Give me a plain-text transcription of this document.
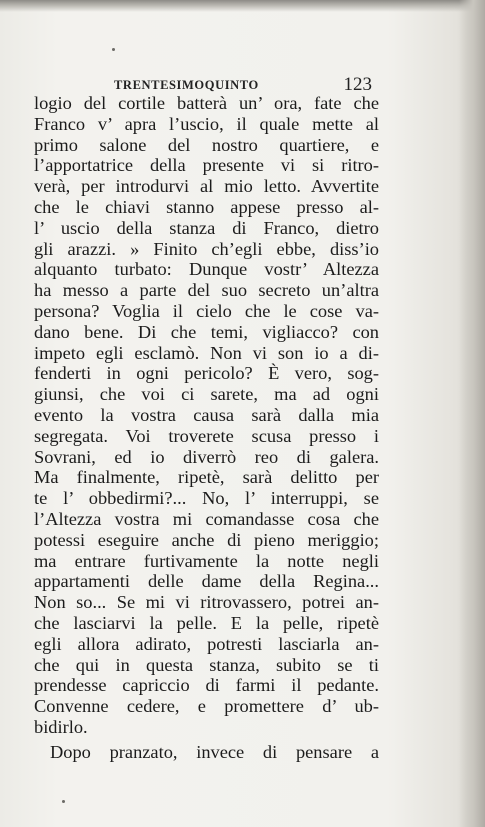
TRENTESIMOQUINTO	123
logio del cortile batterà un’ ora, fate che
Franco v’ apra l’uscio, il quale mette al
primo salone del nostro quartiere, e
l’apportatrice della presente vi si ritro-
verà, per introdurvi al mio letto. Avvertite
che le chiavi stanno appese presso al-
l’ uscio della stanza di Franco, dietro
gli arazzi. » Finito ch’egli ebbe, diss’io
alquanto turbato: Dunque vostr’ Altezza
ha messo a parte del suo secreto un’altra
persona? Voglia il cielo che le cose va-
dano bene. Di che temi, vigliacco? con
impeto egli esclamò. Non vi son io a di-
fenderti in ogni pericolo? È vero, sog-
giunsi, che voi ci sarete, ma ad ogni
evento la vostra causa sarà dalla mia
segregata. Voi troverete scusa presso i
Sovrani, ed io diverrò reo di galera.
Ma finalmente, ripetè, sarà delitto per
te l’ obbedirmi?... No, l’ interruppi, se
l’Altezza vostra mi comandasse cosa che
potessi eseguire anche di pieno meriggio;
ma entrare furtivamente la notte negli
appartamenti delle dame della Regina...
Non so... Se mi vi ritrovassero, potrei an-
che lasciarvi la pelle. E la pelle, ripetè
egli allora adirato, potresti lasciarla an-
che qui in questa stanza, subito se ti
prendesse capriccio di farmi il pedante.
Convenne cedere, e promettere d’ ub-
bidirlo.
Dopo pranzato, invece di pensare a
